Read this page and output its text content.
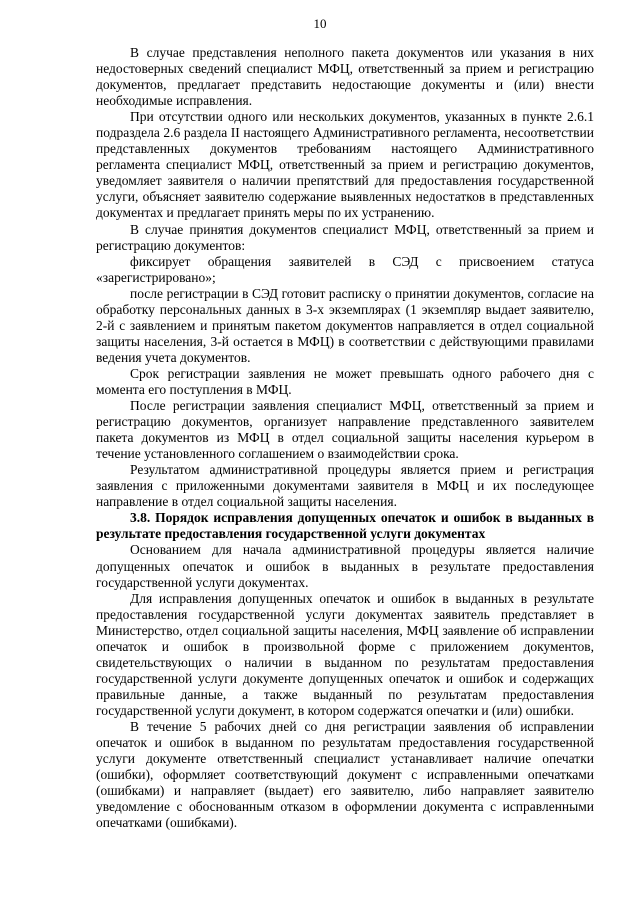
10

В случае представления неполного пакета документов или указания в них недостоверных сведений специалист МФЦ, ответственный за прием и регистрацию документов, предлагает представить недостающие документы и (или) внести необходимые исправления.

При отсутствии одного или нескольких документов, указанных в пункте 2.6.1 подраздела 2.6 раздела II настоящего Административного регламента, несоответствии представленных документов требованиям настоящего Административного регламента специалист МФЦ, ответственный за прием и регистрацию документов, уведомляет заявителя о наличии препятствий для предоставления государственной услуги, объясняет заявителю содержание выявленных недостатков в представленных документах и предлагает принять меры по их устранению.

В случае принятия документов специалист МФЦ, ответственный за прием и регистрацию документов:

фиксирует обращения заявителей в СЭД с присвоением статуса «зарегистрировано»;

после регистрации в СЭД готовит расписку о принятии документов, согласие на обработку персональных данных в 3-х экземплярах (1 экземпляр выдает заявителю, 2-й с заявлением и принятым пакетом документов направляется в отдел социальной защиты населения, 3-й остается в МФЦ) в соответствии с действующими правилами ведения учета документов.

Срок регистрации заявления не может превышать одного рабочего дня с момента его поступления в МФЦ.

После регистрации заявления специалист МФЦ, ответственный за прием и регистрацию документов, организует направление представленного заявителем пакета документов из МФЦ в отдел социальной защиты населения курьером в течение установленного соглашением о взаимодействии срока.

Результатом административной процедуры является прием и регистрация заявления с приложенными документами заявителя в МФЦ и их последующее направление в отдел социальной защиты населения.

3.8. Порядок исправления допущенных опечаток и ошибок в выданных в результате предоставления государственной услуги документах

Основанием для начала административной процедуры является наличие допущенных опечаток и ошибок в выданных в результате предоставления государственной услуги документах.

Для исправления допущенных опечаток и ошибок в выданных в результате предоставления государственной услуги документах заявитель представляет в Министерство, отдел социальной защиты населения, МФЦ заявление об исправлении опечаток и ошибок в произвольной форме с приложением документов, свидетельствующих о наличии в выданном по результатам предоставления государственной услуги документе допущенных опечаток и ошибок и содержащих правильные данные, а также выданный по результатам предоставления государственной услуги документ, в котором содержатся опечатки и (или) ошибки.

В течение 5 рабочих дней со дня регистрации заявления об исправлении опечаток и ошибок в выданном по результатам предоставления государственной услуги документе ответственный специалист устанавливает наличие опечатки (ошибки), оформляет соответствующий документ с исправленными опечатками (ошибками) и направляет (выдает) его заявителю, либо направляет заявителю уведомление с обоснованным отказом в оформлении документа с исправленными опечатками (ошибками).
